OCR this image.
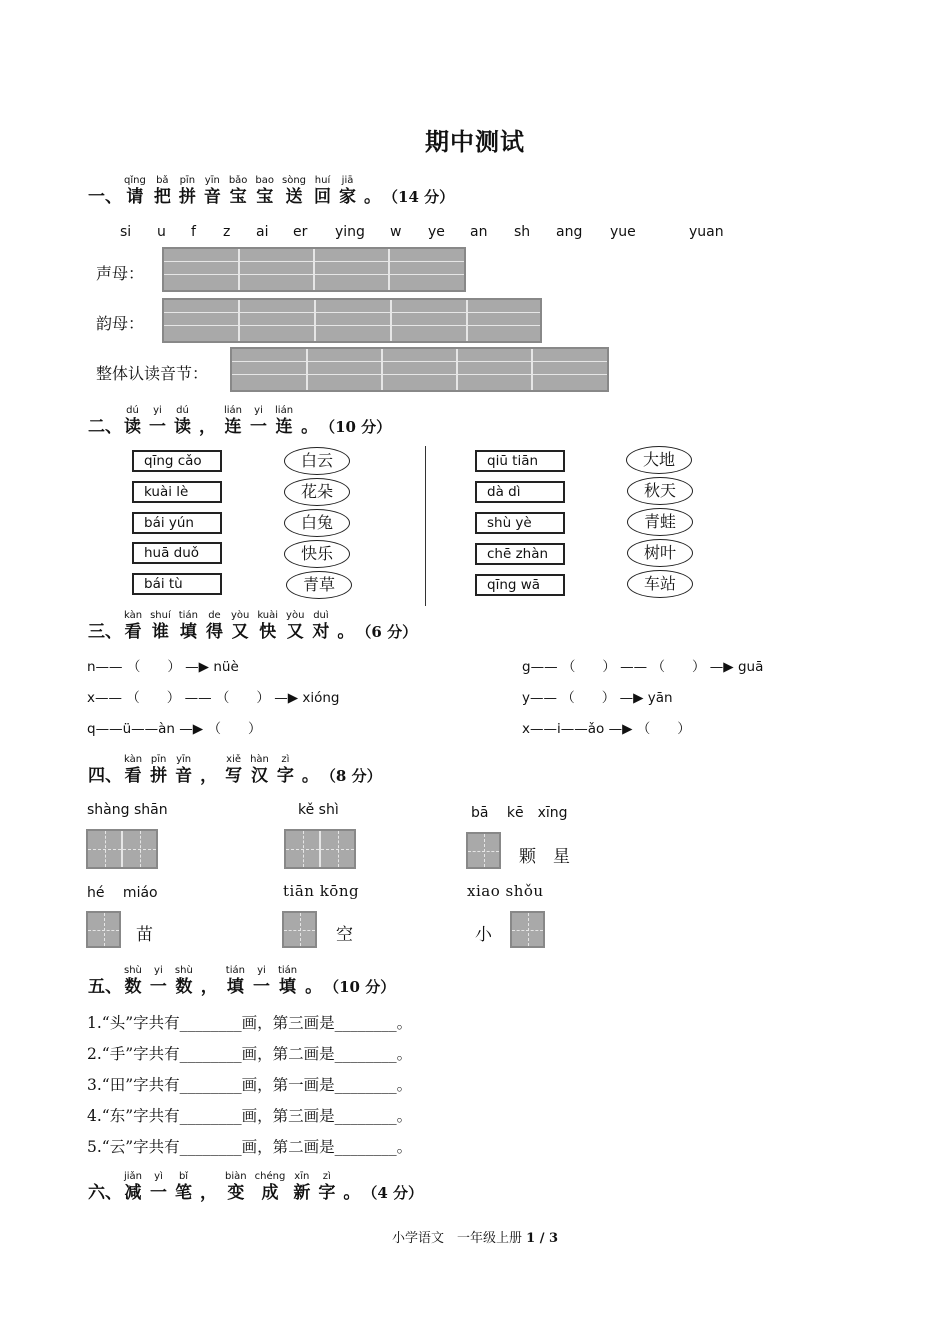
期中测试
一、
qǐng
请
bǎ
把
pīn
拼
yīn
音
bǎo
宝
bao
宝
sòng
送
huí
回
jiā
家 。 （14 分）
二、
dú
读
yi
一
dú
读 ，
lián
连
yi
一
lián
连 。 （10 分）
三、
kàn
看
shuí
谁
tián
填
de
得
yòu
又
kuài
快
yòu
又
duì
对 。 （6 分）
四、
kàn
看
pīn
拼
yīn
音 ，
xiě
写
hàn
汉
zì
字 。 （8 分）
五、
shù
数
yi
一
shù
数 ，
tián
填
yi
一
tián
填 。 （10 分）
六、
jiǎn
减
yì
一
bǐ
笔 ，
biàn
变
chéng
成
xīn
新
zì
字 。 （4 分）
si u f z ai er ying w ye an sh ang yue	yuan
声母：
韵母：
整体认读音节：
qīng cǎo
kuài lè
bái yún
huā duǒ
bái tù
白云
花朵
白兔
快乐
青草
qiū tiān
dà dì
shù yè
chē zhàn
qīng wā
大地
秋天
青蛙
树叶
车站
n—— （　　） —▶ nüè
x—— （　　） —— （　　） —▶ xióng
q——ü——àn —▶ （　　）
g—— （　　） —— （　　） —▶ guā
y—— （　　） —▶ yān
x——i——ǎo —▶ （　　）
shàng shān	kě shì	bā　 kē　xīng
颗　星
hé　 miáo
苗
tiān kōng
空
xiao shǒu
小
1.“头”字共有________画，第三画是________。
2.“手”字共有________画，第二画是________。
3.“田”字共有________画，第一画是________。
4.“东”字共有________画，第三画是________。
5.“云”字共有________画，第二画是________。
小学语文　一年级上册 1 / 3
